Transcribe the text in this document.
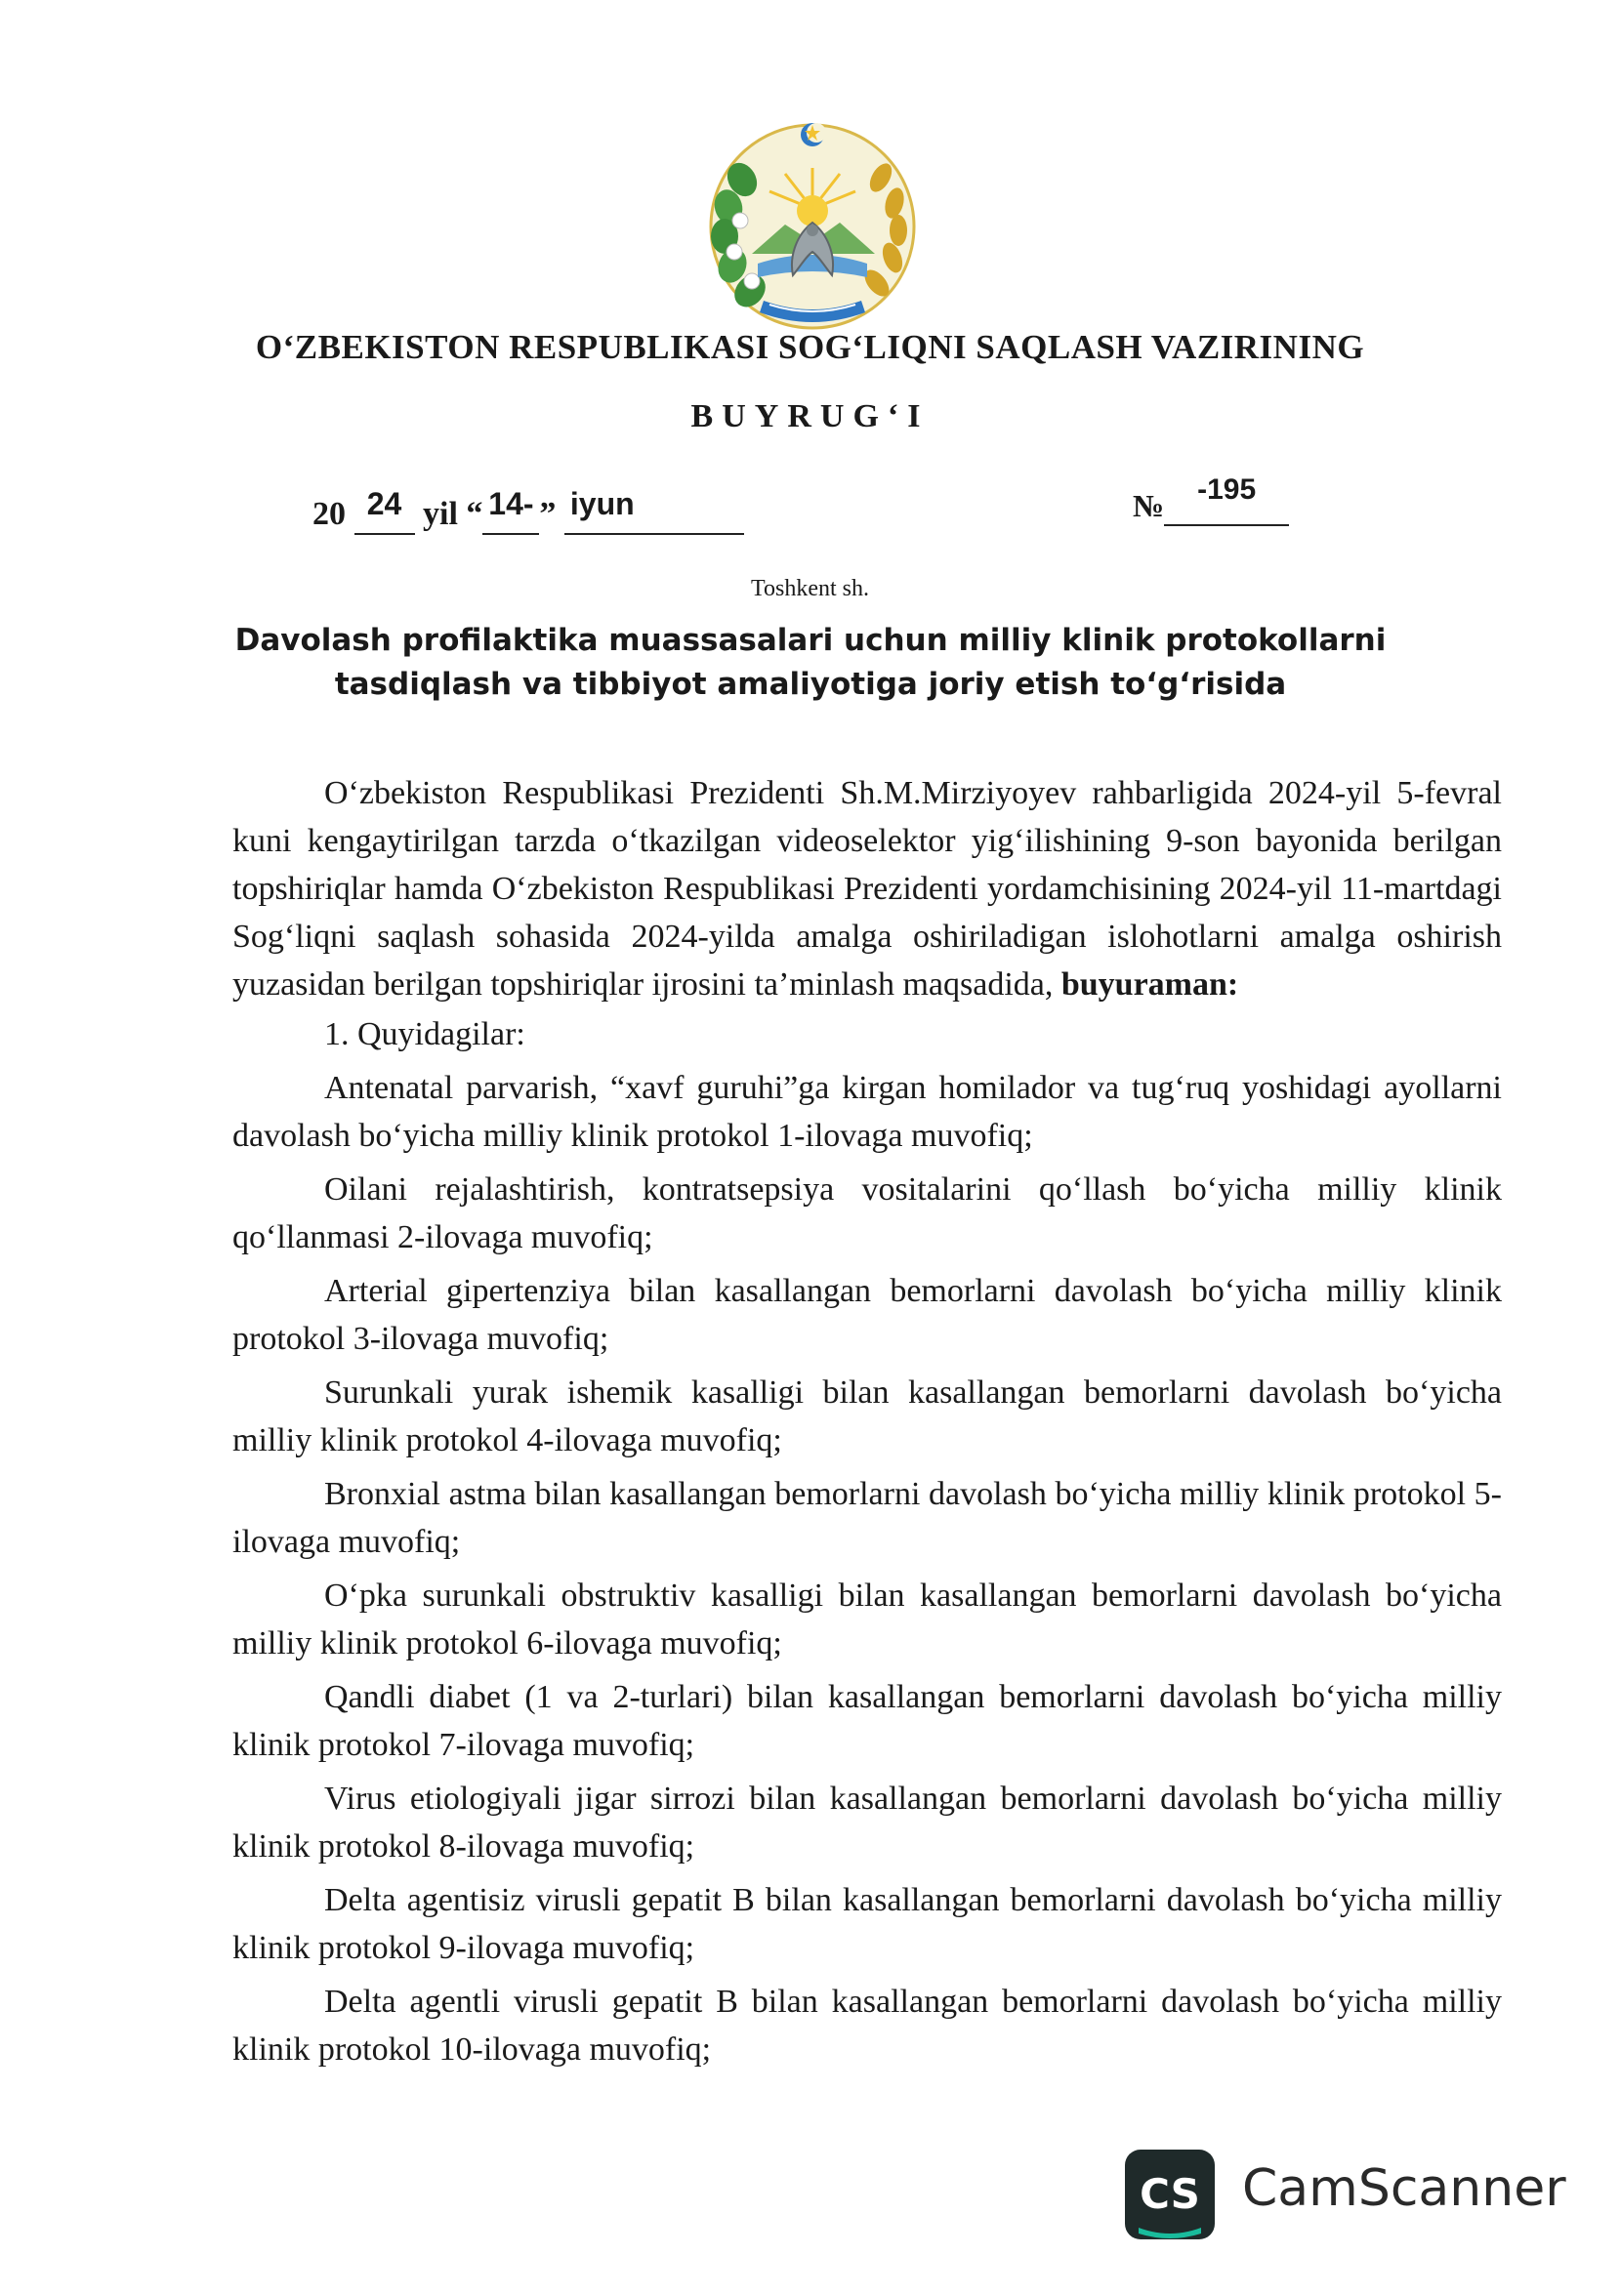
O‘ZBEKISTON RESPUBLIKASI SOG‘LIQNI SAQLASH VAZIRINING
BUYRUG‘I
20 24 yil “ 14- ” iyun	№ -195
Toshkent sh.
Davolash profilaktika muassasalari uchun milliy klinik protokollarni
tasdiqlash va tibbiyot amaliyotiga joriy etish to‘g‘risida

O‘zbekiston Respublikasi Prezidenti Sh.M.Mirziyoyev rahbarligida 2024-yil 5-fevral kuni kengaytirilgan tarzda o‘tkazilgan videoselektor yig‘ilishining 9-son bayonida berilgan topshiriqlar hamda O‘zbekiston Respublikasi Prezidenti yordamchisining 2024-yil 11-martdagi Sog‘liqni saqlash sohasida 2024-yilda amalga oshiriladigan islohotlarni amalga oshirish yuzasidan berilgan topshiriqlar ijrosini ta’minlash maqsadida, buyuraman:

1. Quyidagilar:

Antenatal parvarish, “xavf guruhi”ga kirgan homilador va tug‘ruq yoshidagi ayollarni davolash bo‘yicha milliy klinik protokol 1-ilovaga muvofiq;

Oilani rejalashtirish, kontratsepsiya vositalarini qo‘llash bo‘yicha milliy klinik qo‘llanmasi 2-ilovaga muvofiq;

Arterial gipertenziya bilan kasallangan bemorlarni davolash bo‘yicha milliy klinik protokol 3-ilovaga muvofiq;

Surunkali yurak ishemik kasalligi bilan kasallangan bemorlarni davolash bo‘yicha milliy klinik protokol 4-ilovaga muvofiq;

Bronxial astma bilan kasallangan bemorlarni davolash bo‘yicha milliy klinik protokol 5-ilovaga muvofiq;

O‘pka surunkali obstruktiv kasalligi bilan kasallangan bemorlarni davolash bo‘yicha milliy klinik protokol 6-ilovaga muvofiq;

Qandli diabet (1 va 2-turlari) bilan kasallangan bemorlarni davolash bo‘yicha milliy klinik protokol 7-ilovaga muvofiq;

Virus etiologiyali jigar sirrozi bilan kasallangan bemorlarni davolash bo‘yicha milliy klinik protokol 8-ilovaga muvofiq;

Delta agentisiz virusli gepatit B bilan kasallangan bemorlarni davolash bo‘yicha milliy klinik protokol 9-ilovaga muvofiq;

Delta agentli virusli gepatit B bilan kasallangan bemorlarni davolash bo‘yicha milliy klinik protokol 10-ilovaga muvofiq;

CS CamScanner
